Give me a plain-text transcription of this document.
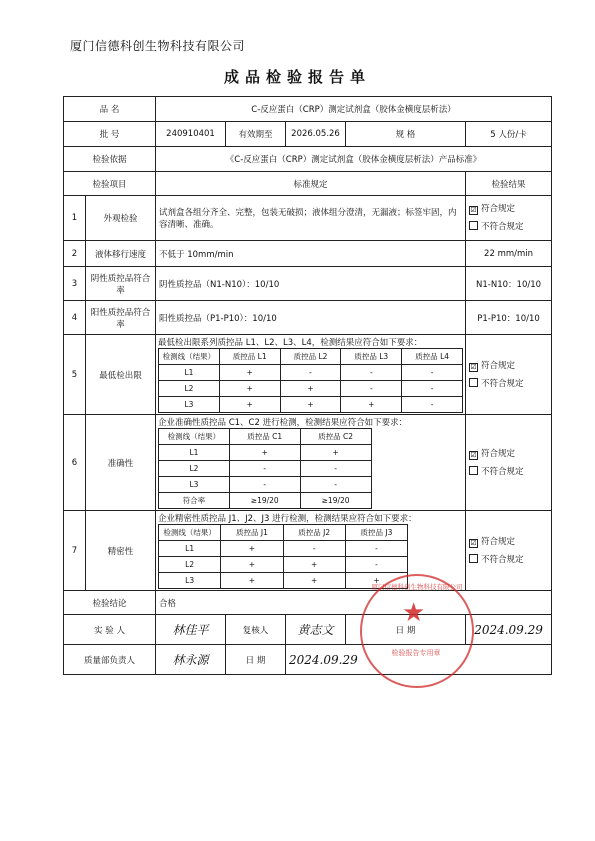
厦门信德科创生物科技有限公司
成品检验报告单
品 名	C-反应蛋白（CRP）测定试剂盒（胶体金横度层析法）
批 号	240910401	有效期至	2026.05.26	规 格	5 人份/卡
检验依据	《C-反应蛋白（CRP）测定试剂盒（胶体金横度层析法）产品标准》
检验项目	标准规定	检验结果
1	外观检验	试剂盒各组分齐全、完整，包装无破损；液体组分澄清，无漏液；标签牢固，内容清晰、准确。	
☑ 符合规定
不符合规定

2	液体移行速度	不低于 10mm/min	22 mm/min
3	阴性质控品符合率	阴性质控品（N1-N10）：10/10	N1-N10：10/10
4	阳性质控品符合率	阳性质控品（P1-P10）：10/10	P1-P10：10/10
5	最低检出限	
最低检出限系列质控品 L1、L2、L3、L4，检测结果应符合如下要求：
检测线（结果）	质控品 L1	质控品 L2	质控品 L3	质控品 L4
L1	+	-	-	-
L2	+	+	-	-
L3	+	+	+	-

☑ 符合规定
不符合规定

6	准确性	
企业准确性质控品 C1、C2 进行检测，检测结果应符合如下要求：
检测线（结果）	质控品 C1	质控品 C2
L1	+	+
L2	-	-
L3	-	-
符合率	≥19/20	≥19/20

☑ 符合规定
不符合规定

7	精密性	
企业精密性质控品 J1、J2、J3 进行检测，检测结果应符合如下要求：
检测线（结果）	质控品 J1	质控品 J2	质控品 J3
L1	+	-	-
L2	+	+	-
L3	+	+	+

☑ 符合规定
不符合规定

检验结论	合格
实 验 人	林佳平	复核人	黄志文	日 期	2024.09.29
质量部负责人	林永源	日 期	2024.09.29
厦门信德科创生物科技有限公司
★
检验报告专用章
